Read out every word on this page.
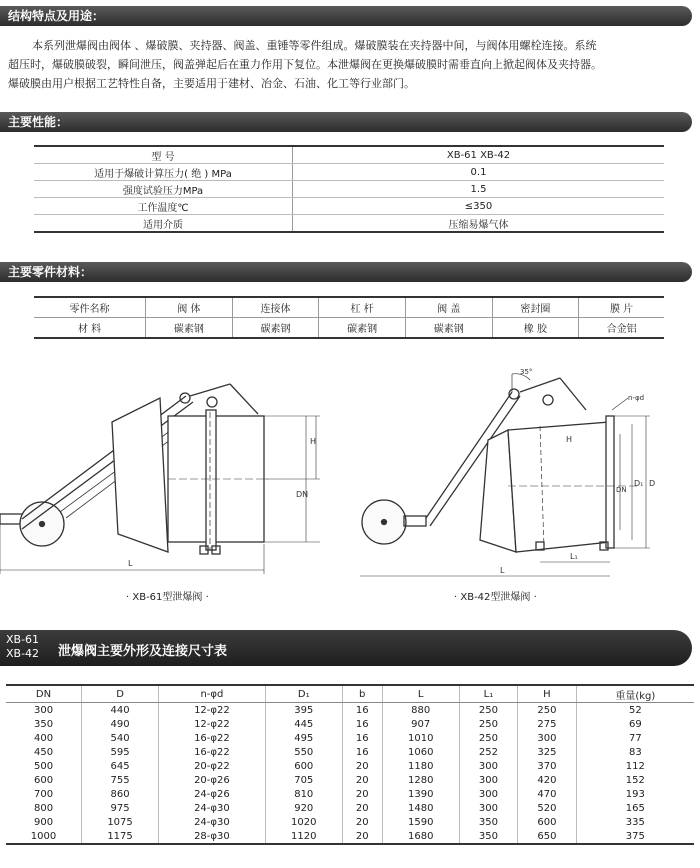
结构特点及用途：
本系列泄爆阀由阀体 、爆破膜、夹持器、阀盖、重锤等零件组成。爆破膜装在夹持器中间，与阀体用螺栓连接。系统
超压时，爆破膜破裂，瞬间泄压，阀盖弹起后在重力作用下复位。本泄爆阀在更换爆破膜时需垂直向上掀起阀体及夹持器。
爆破膜由用户根据工艺特性自备，主要适用于建材、冶金、石油、化工等行业部门。
主要性能：
型 号	XB-61 XB-42
适用于爆破计算压力( 绝 ) MPa	0.1
强度试验压力MPa	1.5
工作温度℃	≤350
适用介质	压缩易爆气体
主要零件材料：
零件名称	阀 体	连接体	杠 杆	阀 盖	密封圈	膜 片
材 料	碳素钢	碳素钢	碳素钢	碳素钢	橡 胶	合金铝
H
DN
L
35°
n-φd
D
D₁
DN
H
L₁
L
· XB-61型泄爆阀 ·	· XB-42型泄爆阀 ·
XB-61
XB-42 泄爆阀主要外形及连接尺寸表
DN	D	n-φd	D₁	b	L	L₁	H	重量(kg)
300	440	12-φ22	395	16	880	250	250	52
350	490	12-φ22	445	16	907	250	275	69
400	540	16-φ22	495	16	1010	250	300	77
450	595	16-φ22	550	16	1060	252	325	83
500	645	20-φ22	600	20	1180	300	370	112
600	755	20-φ26	705	20	1280	300	420	152
700	860	24-φ26	810	20	1390	300	470	193
800	975	24-φ30	920	20	1480	300	520	165
900	1075	24-φ30	1020	20	1590	350	600	335
1000	1175	28-φ30	1120	20	1680	350	650	375
